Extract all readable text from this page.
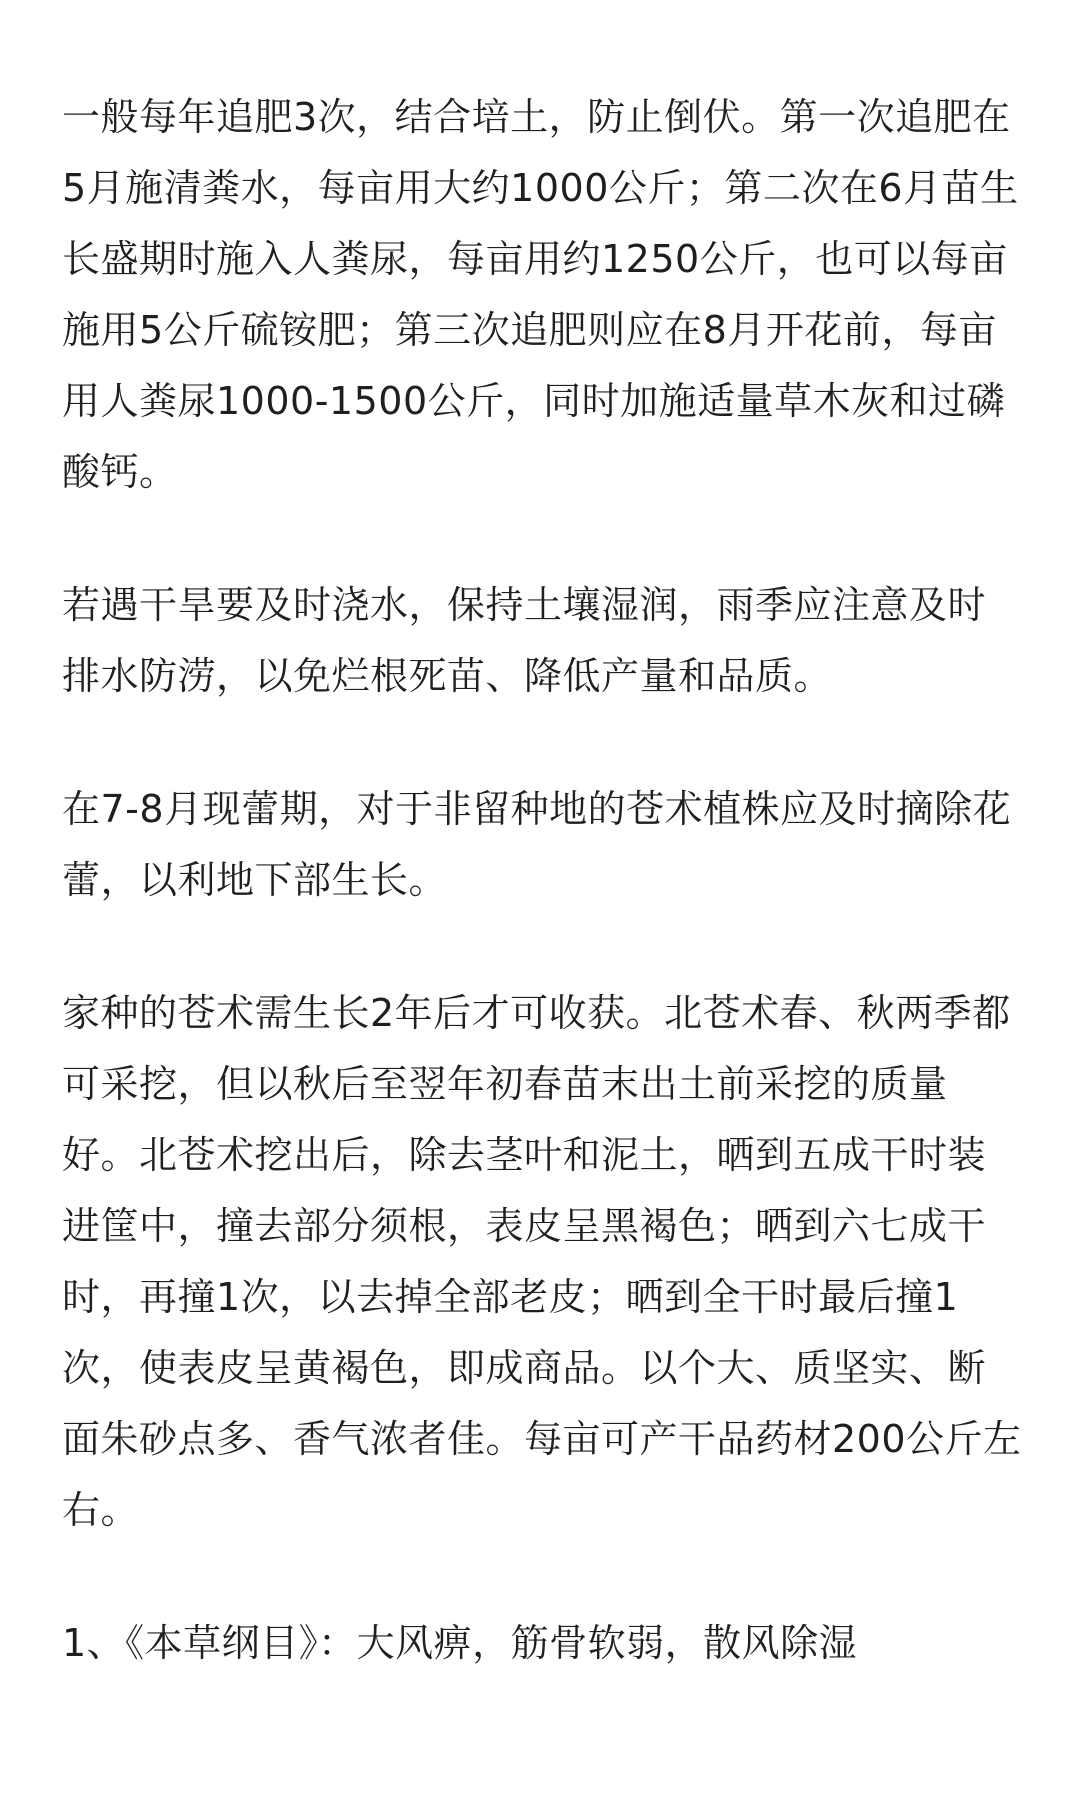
一般每年追肥3次，结合培土，防止倒伏。第一次追肥在5月施清粪水，每亩用大约1000公斤；第二次在6月苗生长盛期时施入人粪尿，每亩用约1250公斤，也可以每亩施用5公斤硫铵肥；第三次追肥则应在8月开花前，每亩用人粪尿1000-1500公斤，同时加施适量草木灰和过磷酸钙。

若遇干旱要及时浇水，保持土壤湿润，雨季应注意及时排水防涝，以免烂根死苗、降低产量和品质。

在7-8月现蕾期，对于非留种地的苍术植株应及时摘除花蕾，以利地下部生长。

家种的苍术需生长2年后才可收获。北苍术春、秋两季都可采挖，但以秋后至翌年初春苗末出土前采挖的质量好。北苍术挖出后，除去茎叶和泥土，晒到五成干时装进筐中，撞去部分须根，表皮呈黑褐色；晒到六七成干时，再撞1次，以去掉全部老皮；晒到全干时最后撞1次，使表皮呈黄褐色，即成商品。以个大、质坚实、断面朱砂点多、香气浓者佳。每亩可产干品药材200公斤左右。

1、《本草纲目》：大风痹，筋骨软弱，散风除湿
